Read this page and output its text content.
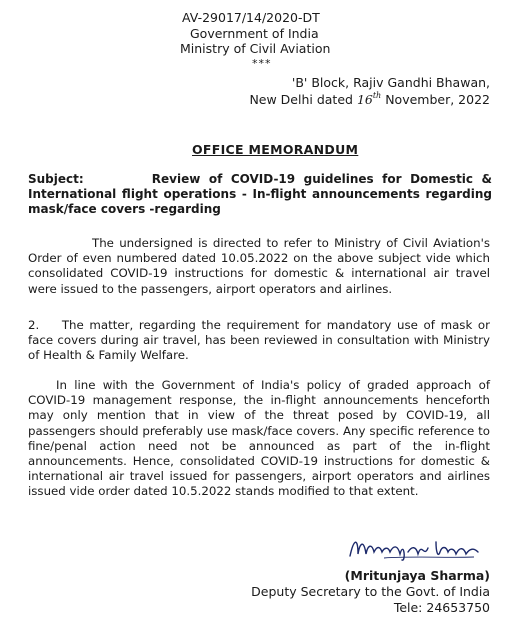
AV-29017/14/2020-DT
Government of India
Ministry of Civil Aviation
***
'B' Block, Rajiv Gandhi Bhawan,
New Delhi dated 16th November, 2022
OFFICE MEMORANDUM
Subject:	Review of COVID-19 guidelines for Domestic & International flight operations - In-flight announcements regarding mask/face covers -regarding
The undersigned is directed to refer to Ministry of Civil Aviation's Order of even numbered dated 10.05.2022 on the above subject vide which consolidated COVID-19 instructions for domestic & international air travel were issued to the passengers, airport operators and airlines.
2.    The matter, regarding the requirement for mandatory use of mask or face covers during air travel, has been reviewed in consultation with Ministry of Health & Family Welfare.
In line with the Government of India's policy of graded approach of COVID-19 management response, the in-flight announcements henceforth may only mention that in view of the threat posed by COVID-19, all passengers should preferably use mask/face covers. Any specific reference to fine/penal action need not be announced as part of the in-flight announcements. Hence, consolidated COVID-19 instructions for domestic & international air travel issued for passengers, airport operators and airlines issued vide order dated 10.5.2022 stands modified to that extent.
(Mritunjaya Sharma)
Deputy Secretary to the Govt. of India
Tele: 24653750
